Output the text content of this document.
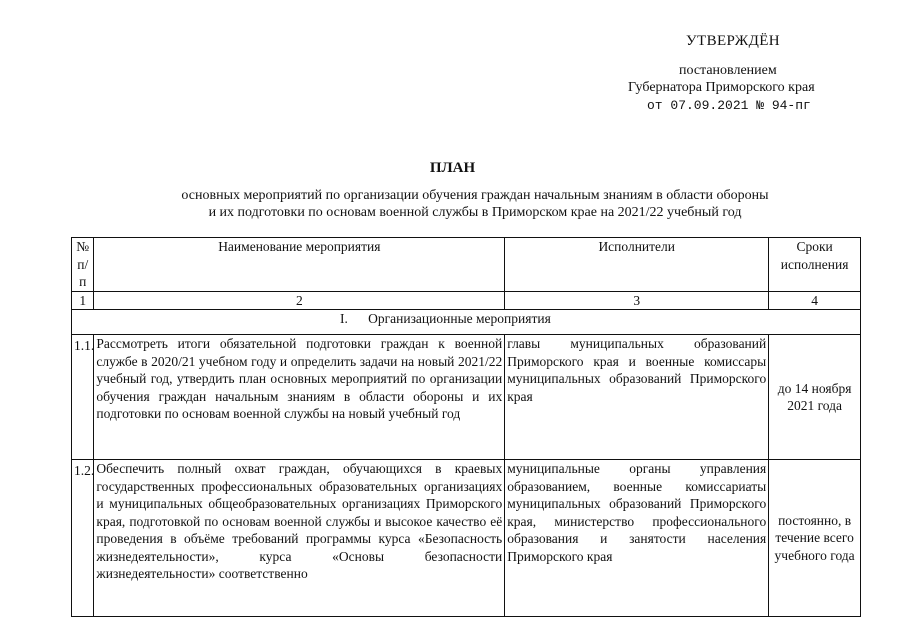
УТВЕРЖДЁН
постановлением
Губернатора Приморского края
от 07.09.2021 № 94-пг
ПЛАН
основных мероприятий по организации обучения граждан начальным знаниям в области обороны
и их подготовки по основам военной службы в Приморском крае на 2021/22 учебный год
№ п/п	Наименование мероприятия	Исполнители	Сроки исполнения
1	2	3	4
I.      Организационные мероприятия			
1.1.	Рассмотреть итоги обязательной подготовки граждан к военной службе в 2020/21 учебном году и определить задачи на новый 2021/22 учебный год, утвердить план основных мероприятий по организации обучения граждан начальным знаниям в области обороны и их подготовки по основам военной службы на новый учебный год	главы муниципальных образований Приморского края и военные комиссары муниципальных образований Приморского края	до 14 ноября 2021 года
1.2.	Обеспечить полный охват граждан, обучающихся в краевых государственных профессиональных образовательных организациях и муниципальных общеобразовательных организациях Приморского края, подготовкой по основам военной службы и высокое качество её проведения в объёме требований программы курса «Безопасность жизнедеятельности», курса «Основы безопасности жизнедеятельности» соответственно	муниципальные органы управления образованием, военные комиссариаты муниципальных образований Приморского края, министерство профессионального образования и занятости населения Приморского края	постоянно, в течение всего учебного года
